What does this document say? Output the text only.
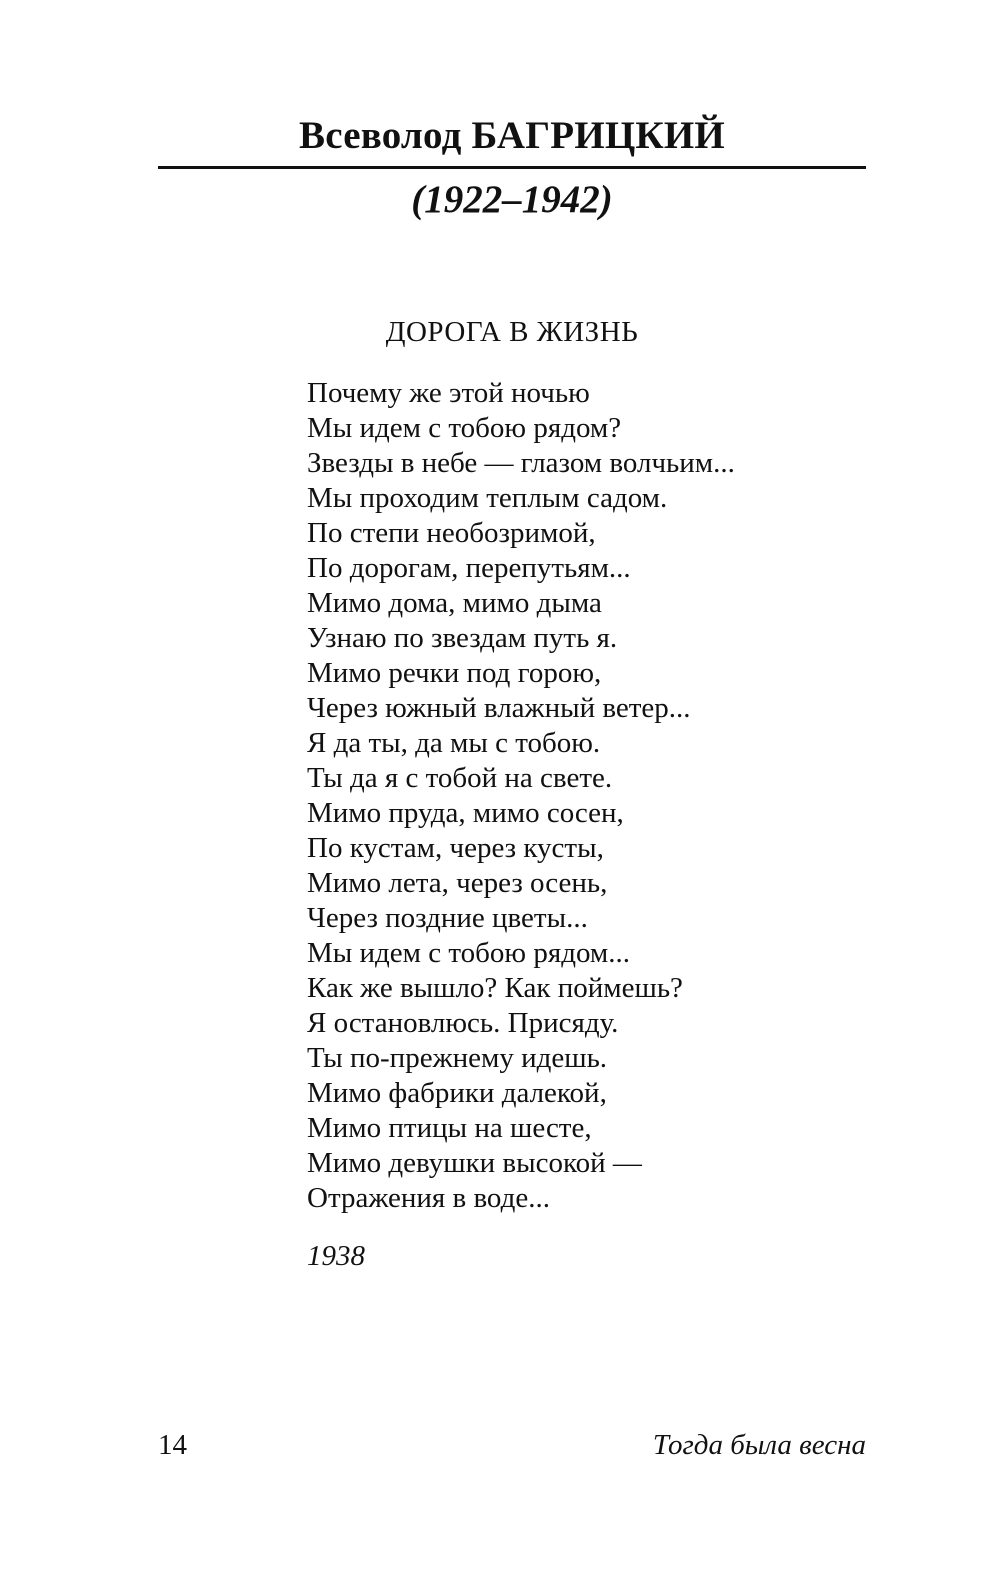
Всеволод БАГРИЦКИЙ
(1922–1942)
ДОРОГА В ЖИЗНЬ
Почему же этой ночью
Мы идем с тобою рядом?
Звезды в небе — глазом волчьим...
Мы проходим теплым садом.
По степи необозримой,
По дорогам, перепутьям...
Мимо дома, мимо дыма
Узнаю по звездам путь я.
Мимо речки под горою,
Через южный влажный ветер...
Я да ты, да мы с тобою.
Ты да я с тобой на свете.
Мимо пруда, мимо сосен,
По кустам, через кусты,
Мимо лета, через осень,
Через поздние цветы...
Мы идем с тобою рядом...
Как же вышло? Как поймешь?
Я остановлюсь. Присяду.
Ты по-прежнему идешь.
Мимо фабрики далекой,
Мимо птицы на шесте,
Мимо девушки высокой —
Отражения в воде...
1938
14	Тогда была весна
